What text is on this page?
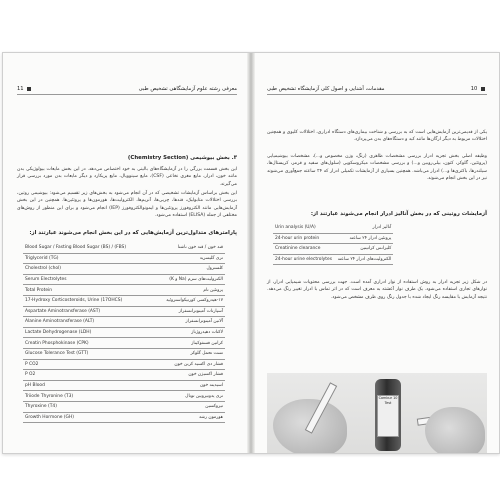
11	معرفی رشته علوم آزمایشگاهی تشخیص طبی
۳. بخش بیوشیمی (Chemistry Section)
این بخش قسمت بزرگی را در آزمایشگاه‌های بالینی به خود اختصاص می‌دهد. در این بخش مایعات بیولوژیکی بدن مانند خون، ادرار، مایع مغزی نخاعی (CSF)، مایع سینوویال، مایع پریکارد و دیگر مایعات بدن مورد بررسی قرار می‌گیرند.
این بخش براساس آزمایشات تشخیصی که در آن انجام می‌شود به بخش‌های زیر تقسیم می‌شود: بیوشیمی روتین، بررسی اختلالات متابولیک، قندها، چربی‌ها، آنزیم‌ها، الکترولیت‌ها، هورمون‌ها و پروتئین‌ها. همچنین در این بخش آزمایش‌هایی مانند الکتروفورز پروتئین‌ها و ایمونوالکتروفورز (IEP) انجام می‌شود و برای این منظور از روش‌های مختلفی از جمله (ELISA) استفاده می‌شود.
پارامترهای متداول‌ترین آزمایش‌هایی که در این بخش انجام می‌شوند عبارتند از:
Blood Sugar / Fasting Blood Sugar (BS) / (FBS)	قند خون / قند خون ناشتا
Triglycerid (TG)	تری گلیسرید
Cholestrol (chol)	کلسترول
Serum Electrolytes	الکترولیت‌های سرم (Na و K)
Total Protein	پروتئین تام
17-Hydroxy Corticosteroids, Urine (17OHCS)	۱۷-هیدروکسی کورتیکواستروئید
Aspartate Aminotransferase (AST)	آسپارتات آمینوترانسفراز
Alanine Aminotransferase (ALT)	آلانین آمینوترانسفراز
Lactate Dehydrogenase (LDH)	لاکتات دهیدروژناز
Creatin Phosphokinase (CPK)	کراتین فسفوکیناز
Glucose Tolerance Test (GTT)	تست تحمل گلوکز
P CO2	فشار دی اکسید کربن خون
P O2	فشار اکسیژن خون
pH Blood	اسیدیته خون
Triiode Thyronine (T3)	تری یدوتیرونین توتال
Thyroxine (T4)	تیروکسین
Growth Hormone (GH)	هورمون رشد
10
مقدمات، آشنایی و اصول کلی آزمایشگاه تشخیص طبی
یکی از قدیمی‌ترین آزمایش‌هایی است که به بررسی و شناخت بیماری‌های دستگاه ادراری، اختلالات کلیوی و همچنین اختلالات مربوط به دیگر ارگان‌ها مانند کبد و دستگاه‌های بدن می‌پردازد.
وظیفه اصلی بخش تجزیه ادرار بررسی مشخصات ظاهری (رنگ، وزن مخصوص و...)، مشخصات بیوشیمیایی (پروتئین، گلوکز، کتون، بیلی‌روبین و...) و بررسی مشخصات میکروسکوپی (سلول‌های سفید و قرمز، کریستال‌ها، سیلندرها، باکتری‌ها و...) ادرار می‌باشد. همچنین بسیاری از آزمایشات تکمیلی ادرار که ۲۴ ساعته جمع‌آوری می‌شوند نیز در این بخش انجام می‌شوند.
آزمایشات روتینی که در بخش آنالیز ادرار انجام می‌شوند عبارتند از:
Urin analysis (U/A)	آنالیز ادرار
24-hour urin protein	پروتئین ادرار ۲۴ ساعته
Creatinine clearance	کلیرانس کراتینین
24-hour urine electrolytes	الکترولیت‌های ادرار ۲۴ ساعته
در شکل زیر تجزیه ادرار به روش استفاده از نوار ادراری آمده است. جهت بررسی محتویات شیمیایی ادرار، از نوارهای تجاری استفاده می‌شود. یک طرف نوار آغشته به معرف است که در اثر تماس با ادرار تغییر رنگ می‌دهد. نتیجه آزمایش با مقایسه رنگ ایجاد شده با جدول رنگ روی ظرف مشخص می‌شود.
Combur 10 Test
